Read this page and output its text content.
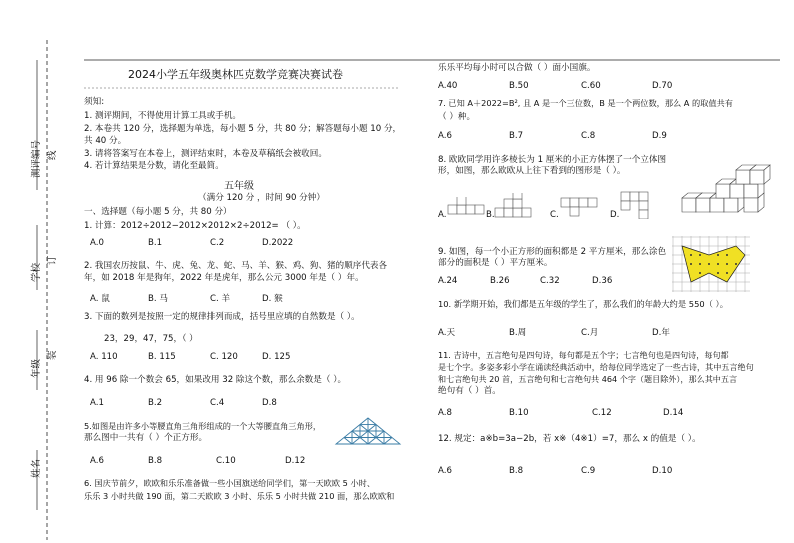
测评编号 线
学校
订
年级
装
姓名
2024小学五年级奥林匹克数学竞赛决赛试卷
须知:
1. 测评期间，不得使用计算工具或手机。
2. 本卷共 120 分，选择题为单选，每小题 5 分，共 80 分；解答题每小题 10 分，
共 40 分。
3. 请将答案写在本卷上，测评结束时，本卷及草稿纸会被收回。
4. 若计算结果是分数，请化至最简。
五年级
（满分 120 分 ，时间 90 分钟）
一、选择题（每小题 5 分，共 80 分）
1. 计算：2012÷2012−2012×2012×2÷2012= （ ）。
A.0	B.1	C.2	D.2022
2. 我国农历按鼠、牛、虎、兔、龙、蛇、马、羊、猴、鸡、狗、猪的顺序代表各
年，如 2018 年是狗年，2022 年是虎年，那么公元 3000 年是（ ）年。
A. 鼠	B. 马	C. 羊	D. 猴
3. 下面的数列是按照一定的规律排列而成，括号里应填的自然数是（ ）。
23，29，47，75，（ ）
A. 110	B. 115	C. 120	D. 125
4. 用 96 除一个数会 65，如果改用 32 除这个数，那么余数是（ ）。
A.1	B.2	C.4	D.8
5.如图是由许多小等腰直角三角形组成的一个大等腰直角三角形，
那么图中一共有（ ）个正方形。
A.6	B.8	C.10	D.12
6. 国庆节前夕，欧欧和乐乐准备做一些小国旗送给同学们，第一天欧欧 5 小时、
乐乐 3 小时共做 190 面，第二天欧欧 3 小时、乐乐 5 小时共做 210 面，那么欧欧和
乐乐平均每小时可以合做（ ）面小国旗。
A.40	B.50	C.60	D.70
7. 已知 A＋2022=B², 且 A 是一个三位数，B 是一个两位数，那么 A 的取值共有
（ ）种。
A.6	B.7	C.8	D.9
8. 欧欧同学用许多棱长为 1 厘米的小正方体摆了一个立体图
形，如图，那么欧欧从上往下看到的图形是（ ）。
A.	B.	C.	D.
9. 如图，每一个小正方形的面积都是 2 平方厘米，那么涂色
部分的面积是（ ）平方厘米。
A.24	B.26	C.32	D.36
10. 新学期开始，我们都是五年级的学生了，那么我们的年龄大约是 550（ ）。
A.天	B.周	C.月	D.年
11. 吉诗中，五言绝句是四句诗，每句都是五个字；七言绝句也是四句诗，每句都
是七个字。多姿多彩小学在诵读经典活动中，给每位同学选定了一些古诗，其中五言绝句
和七言绝句共 20 首，五言绝句和七言绝句共 464 个字（题目除外），那么其中五言
绝句有（ ）首。
A.8	B.10	C.12	D.14
12. 规定：a※b=3a−2b，若 x※（4※1）=7，那么 x 的值是（ ）。
A.6	B.8	C.9	D.10
